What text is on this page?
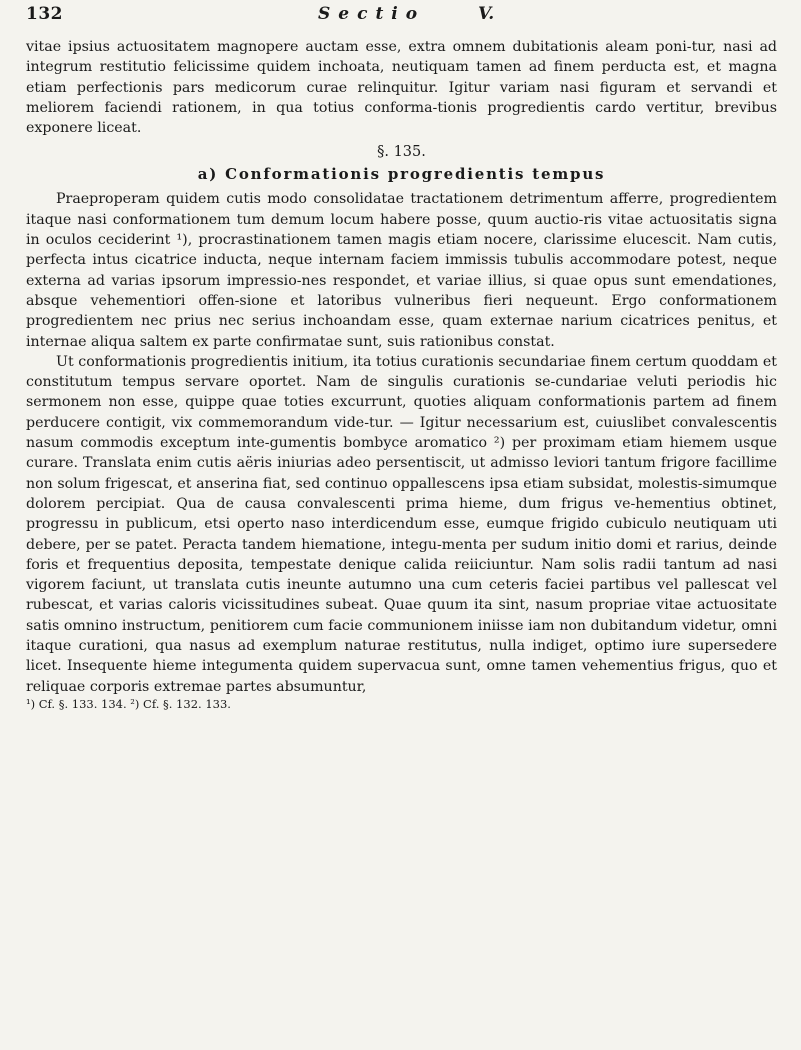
132	Sectio	V.

vitae ipsius actuositatem magnopere auctam esse, extra omnem dubitationis aleam poni-tur, nasi ad integrum restitutio felicissime quidem inchoata, neutiquam tamen ad finem perducta est, et magna etiam perfectionis pars medicorum curae relinquitur. Igitur variam nasi figuram et servandi et meliorem faciendi rationem, in qua totius conforma-tionis progredientis cardo vertitur, brevibus exponere liceat.

§. 135.
a) Conformationis progredientis tempus

Praeproperam quidem cutis modo consolidatae tractationem detrimentum afferre, progredientem itaque nasi conformationem tum demum locum habere posse, quum auctio-ris vitae actuositatis signa in oculos ceciderint ¹), procrastinationem tamen magis etiam nocere, clarissime elucescit. Nam cutis, perfecta intus cicatrice inducta, neque internam faciem immissis tubulis accommodare potest, neque externa ad varias ipsorum impressio-nes respondet, et variae illius, si quae opus sunt emendationes, absque vehementiori offen-sione et latoribus vulneribus fieri nequeunt. Ergo conformationem progredientem nec prius nec serius inchoandam esse, quam externae narium cicatrices penitus, et internae aliqua saltem ex parte confirmatae sunt, suis rationibus constat.

Ut conformationis progredientis initium, ita totius curationis secundariae finem certum quoddam et constitutum tempus servare oportet. Nam de singulis curationis se-cundariae veluti periodis hic sermonem non esse, quippe quae toties excurrunt, quoties aliquam conformationis partem ad finem perducere contigit, vix commemorandum vide-tur. — Igitur necessarium est, cuiuslibet convalescentis nasum commodis exceptum inte-gumentis bombyce aromatico ²) per proximam etiam hiemem usque curare. Translata enim cutis aëris iniurias adeo persentiscit, ut admisso leviori tantum frigore facillime non solum frigescat, et anserina fiat, sed continuo oppallescens ipsa etiam subsidat, molestis-simumque dolorem percipiat. Qua de causa convalescenti prima hieme, dum frigus ve-hementius obtinet, progressu in publicum, etsi operto naso interdicendum esse, eumque frigido cubiculo neutiquam uti debere, per se patet. Peracta tandem hiematione, integu-menta per sudum initio domi et rarius, deinde foris et frequentius deposita, tempestate denique calida reiiciuntur. Nam solis radii tantum ad nasi vigorem faciunt, ut translata cutis ineunte autumno una cum ceteris faciei partibus vel pallescat vel rubescat, et varias caloris vicissitudines subeat. Quae quum ita sint, nasum propriae vitae actuositate satis omnino instructum, penitiorem cum facie communionem iniisse iam non dubitandum videtur, omni itaque curationi, qua nasus ad exemplum naturae restitutus, nulla indiget, optimo iure supersedere licet. Insequente hieme integumenta quidem supervacua sunt, omne tamen vehementius frigus, quo et reliquae corporis extremae partes absumuntur,

¹) Cf. §. 133. 134. ²) Cf. §. 132. 133.
